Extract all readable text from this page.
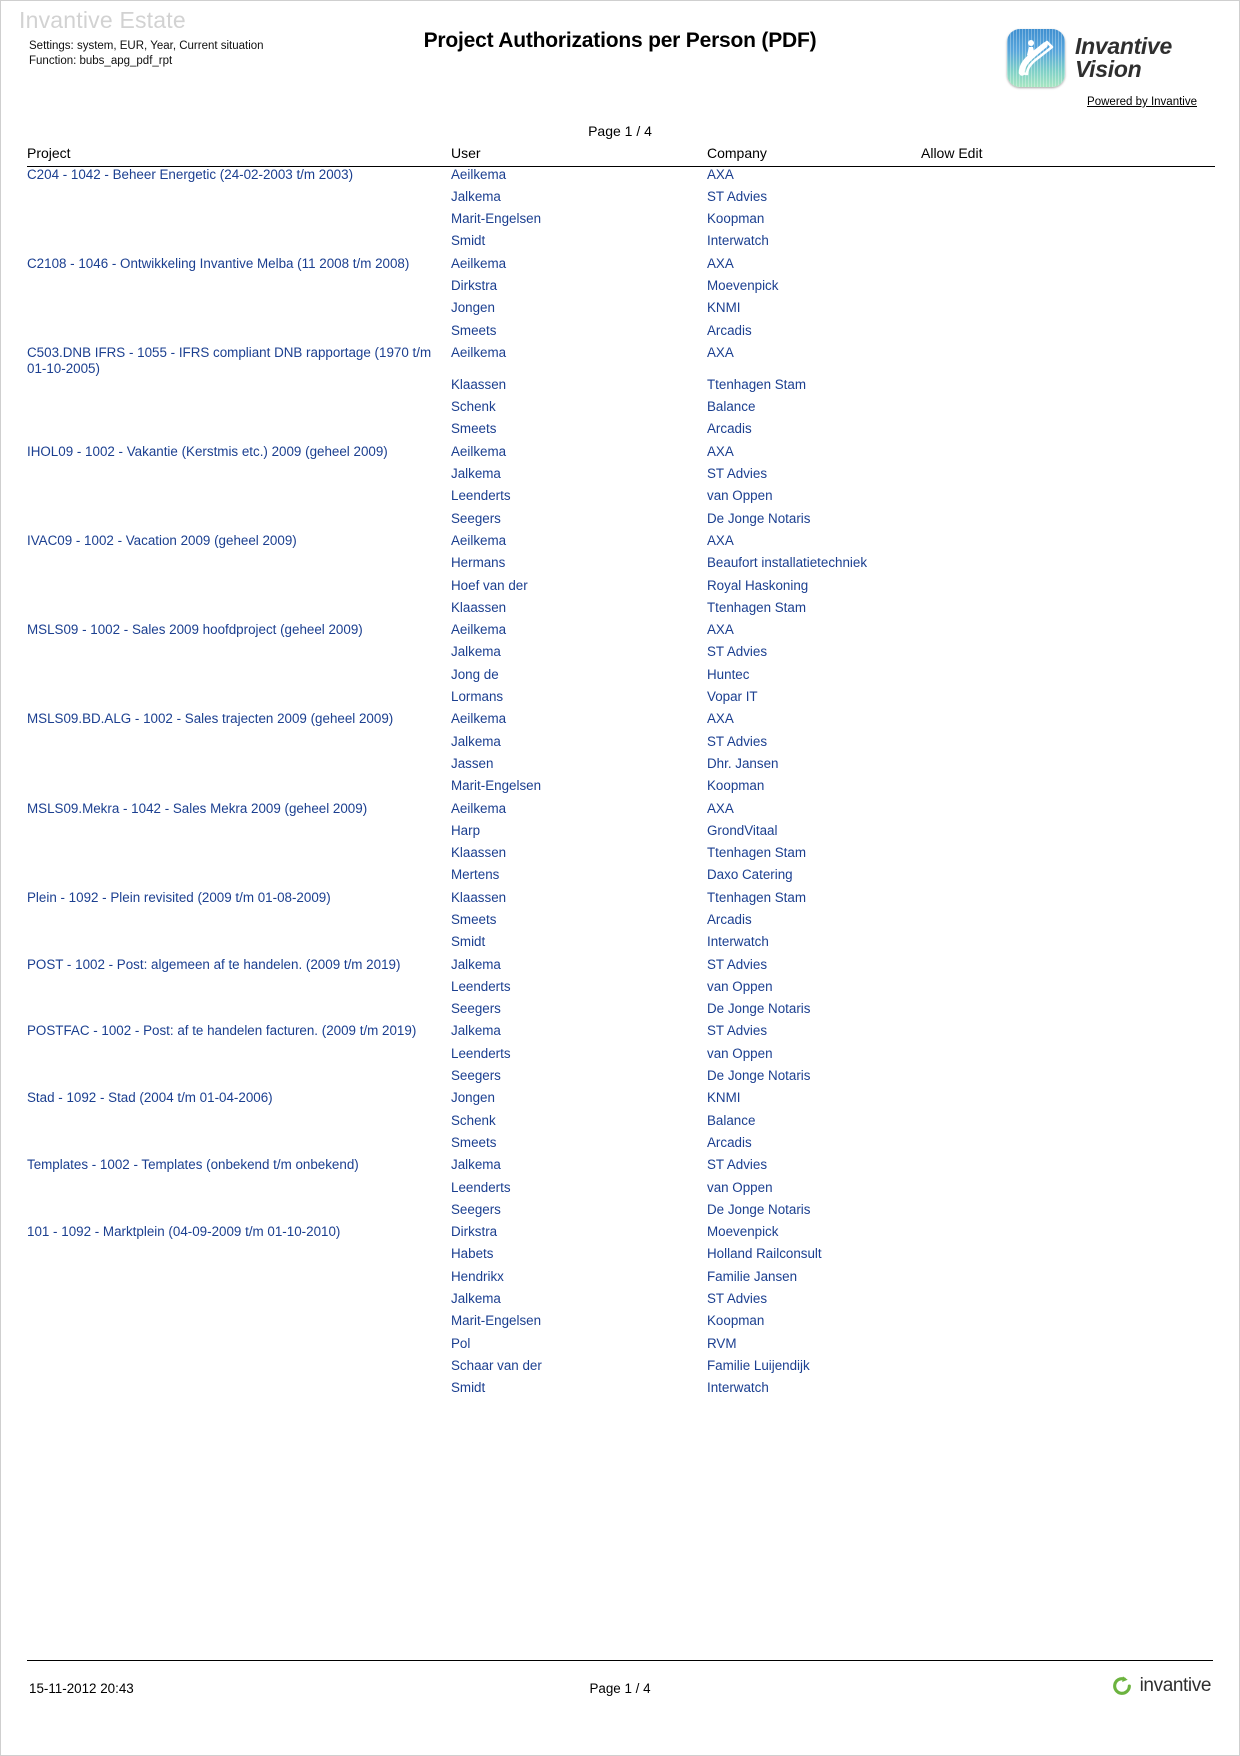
Invantive Estate
Settings: system, EUR, Year, Current situation
Function: bubs_apg_pdf_rpt
Project Authorizations per Person (PDF)	Invantive
Vision
Powered by Invantive
Page 1 / 4
Project	User	Company	Allow Edit
C204 - 1042 - Beheer Energetic (24-02-2003 t/m 2003)	Aeilkema	AXA	
	Jalkema	ST Advies	
	Marit-Engelsen	Koopman	
	Smidt	Interwatch	
C2108 - 1046 - Ontwikkeling Invantive Melba (11 2008 t/m 2008)	Aeilkema	AXA	
	Dirkstra	Moevenpick	
	Jongen	KNMI	
	Smeets	Arcadis	
C503.DNB IFRS - 1055 - IFRS compliant DNB rapportage (1970 t/m 01-10-2005)	Aeilkema	AXA	
	Klaassen	Ttenhagen Stam	
	Schenk	Balance	
	Smeets	Arcadis	
IHOL09 - 1002 - Vakantie (Kerstmis etc.) 2009 (geheel 2009)	Aeilkema	AXA	
	Jalkema	ST Advies	
	Leenderts	van Oppen	
	Seegers	De Jonge Notaris	
IVAC09 - 1002 - Vacation 2009 (geheel 2009)	Aeilkema	AXA	
	Hermans	Beaufort installatietechniek	
	Hoef van der	Royal Haskoning	
	Klaassen	Ttenhagen Stam	
MSLS09 - 1002 - Sales 2009 hoofdproject (geheel 2009)	Aeilkema	AXA	
	Jalkema	ST Advies	
	Jong de	Huntec	
	Lormans	Vopar IT	
MSLS09.BD.ALG - 1002 - Sales trajecten 2009 (geheel 2009)	Aeilkema	AXA	
	Jalkema	ST Advies	
	Jassen	Dhr. Jansen	
	Marit-Engelsen	Koopman	
MSLS09.Mekra - 1042 - Sales Mekra 2009 (geheel 2009)	Aeilkema	AXA	
	Harp	GrondVitaal	
	Klaassen	Ttenhagen Stam	
	Mertens	Daxo Catering	
Plein - 1092 - Plein revisited (2009 t/m 01-08-2009)	Klaassen	Ttenhagen Stam	
	Smeets	Arcadis	
	Smidt	Interwatch	
POST - 1002 - Post: algemeen af te handelen. (2009 t/m 2019)	Jalkema	ST Advies	
	Leenderts	van Oppen	
	Seegers	De Jonge Notaris	
POSTFAC - 1002 - Post: af te handelen facturen. (2009 t/m 2019)	Jalkema	ST Advies	
	Leenderts	van Oppen	
	Seegers	De Jonge Notaris	
Stad - 1092 - Stad (2004 t/m 01-04-2006)	Jongen	KNMI	
	Schenk	Balance	
	Smeets	Arcadis	
Templates - 1002 - Templates (onbekend t/m onbekend)	Jalkema	ST Advies	
	Leenderts	van Oppen	
	Seegers	De Jonge Notaris	
101 - 1092 - Marktplein (04-09-2009 t/m 01-10-2010)	Dirkstra	Moevenpick	
	Habets	Holland Railconsult	
	Hendrikx	Familie Jansen	
	Jalkema	ST Advies	
	Marit-Engelsen	Koopman	
	Pol	RVM	
	Schaar van der	Familie Luijendijk	
	Smidt	Interwatch	
15-11-2012 20:43	Page 1 / 4	invantive
